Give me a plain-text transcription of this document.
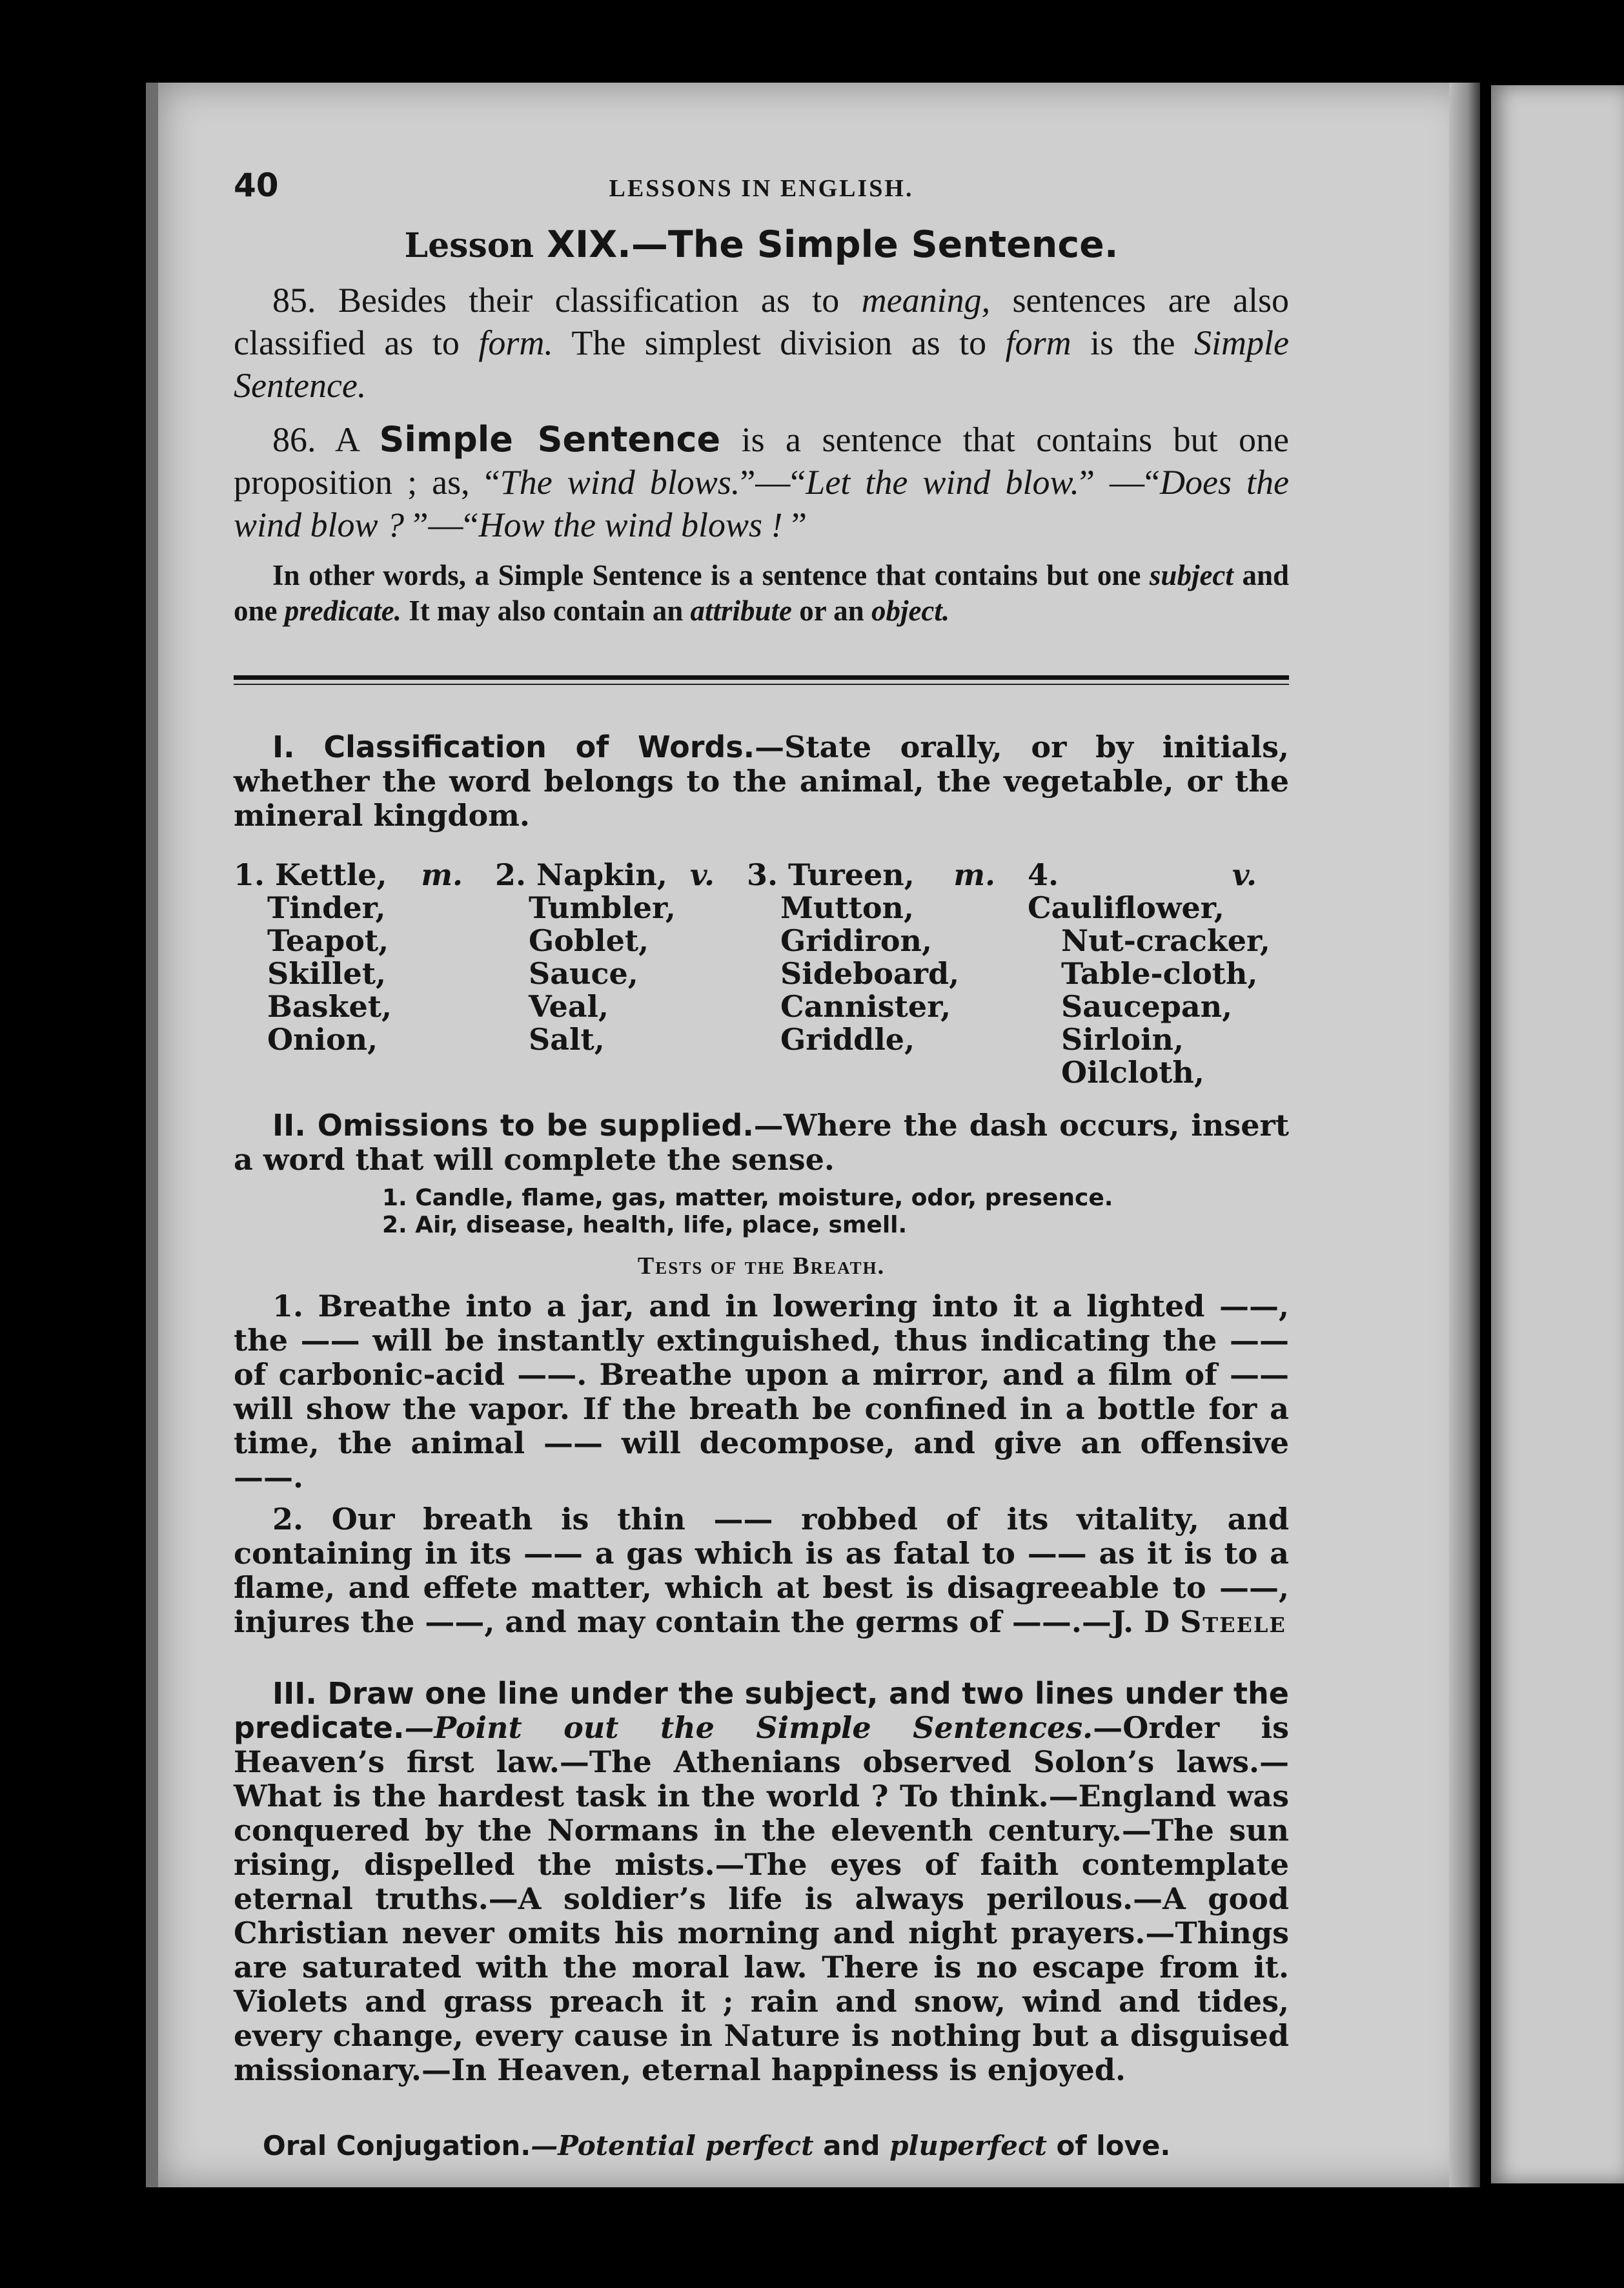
40	LESSONS IN ENGLISH.
Lesson XIX.—The Simple Sentence.

85. Besides their classification as to meaning, sentences are also classified as to form. The simplest division as to form is the Simple Sentence.

86. A Simple Sentence is a sentence that contains but one proposition ; as, “The wind blows.”—“Let the wind blow.” —“Does the wind blow ? ”—“How the wind blows ! ”

In other words, a Simple Sentence is a sentence that contains but one subject and one predicate. It may also contain an attribute or an object.

I. Classification of Words.—State orally, or by initials, whether the word belongs to the animal, the vegetable, or the mineral kingdom.

1. Kettle, m.
Tinder,
Teapot,
Skillet,
Basket,
Onion,
2. Napkin, v.
Tumbler,
Goblet,
Sauce,
Veal,
Salt,
3. Tureen, m.
Mutton,
Gridiron,
Sideboard,
Cannister,
Griddle,
4. Cauliflower,
v.
Nut-cracker,
Table-cloth,
Saucepan,
Sirloin,
Oilcloth,

II. Omissions to be supplied.—Where the dash occurs, insert a word that will complete the sense.

1. Candle, flame, gas, matter, moisture, odor, presence.
2. Air, disease, health, life, place, smell.
Tests of the Breath.

1. Breathe into a jar, and in lowering into it a lighted ——, the —— will be instantly extinguished, thus indicating the —— of carbonic-acid ——. Breathe upon a mirror, and a film of —— will show the vapor. If the breath be confined in a bottle for a time, the animal —— will decompose, and give an offensive ——.

2. Our breath is thin —— robbed of its vitality, and containing in its —— a gas which is as fatal to —— as it is to a flame, and effete matter, which at best is disagreeable to ——, injures the ——, and may contain the germs of ——.—J. D Steele

III. Draw one line under the subject, and two lines under the predicate.—Point out the Simple Sentences.—Order is Heaven’s first law.—The Athenians observed Solon’s laws.—What is the hardest task in the world ? To think.—England was conquered by the Normans in the eleventh century.—The sun rising, dispelled the mists.—The eyes of faith contemplate eternal truths.—A soldier’s life is always perilous.—A good Christian never omits his morning and night prayers.—Things are saturated with the moral law. There is no escape from it. Violets and grass preach it ; rain and snow, wind and tides, every change, every cause in Nature is nothing but a disguised missionary.—In Heaven, eternal happiness is enjoyed.

Oral Conjugation.—Potential perfect and pluperfect of love.
